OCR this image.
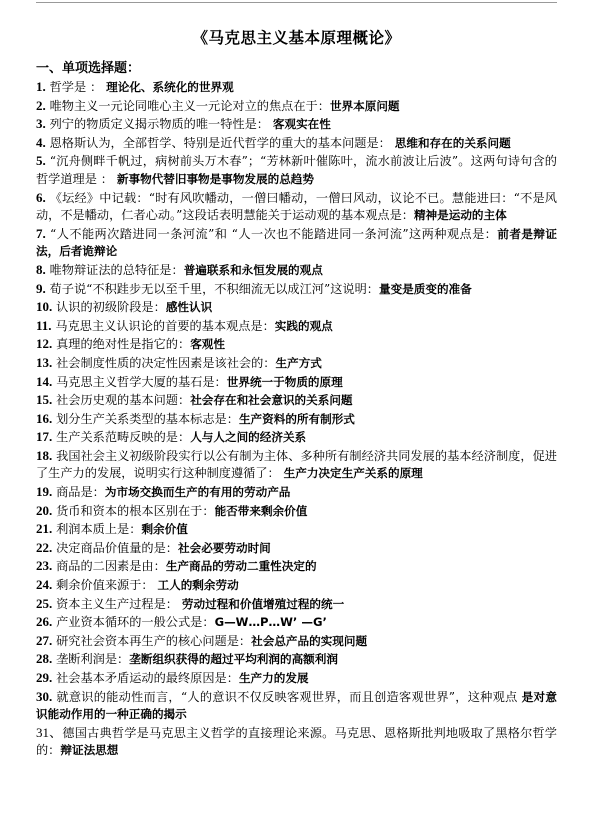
《马克思主义基本原理概论》
一、单项选择题：

1. 哲学是 ： 理论化、系统化的世界观

2. 唯物主义一元论同唯心主义一元论对立的焦点在于：世界本原问题

3. 列宁的物质定义揭示物质的唯一特性是： 客观实在性

4. 恩格斯认为，全部哲学、特别是近代哲学的重大的基本问题是： 思维和存在的关系问题

5. “沉舟侧畔千帆过，病树前头万木春”；“芳林新叶催陈叶，流水前波让后波”。这两句诗句含的哲学道理是 ： 新事物代替旧事物是事物发展的总趋势

6. 《坛经》中记载：“时有风吹幡动，一僧曰幡动，一僧曰风动，议论不已。慧能进曰：“不是风动，不是幡动，仁者心动。”这段话表明慧能关于运动观的基本观点是：精神是运动的主体

7. “人不能两次踏进同一条河流”和 “人一次也不能踏进同一条河流”这两种观点是：前者是辩证法，后者诡辩论

8. 唯物辩证法的总特征是：普遍联系和永恒发展的观点

9. 荀子说“不积跬步无以至千里，不积细流无以成江河”这说明：量变是质变的准备

10. 认识的初级阶段是：感性认识

11. 马克思主义认识论的首要的基本观点是：实践的观点

12. 真理的绝对性是指它的：客观性

13. 社会制度性质的决定性因素是该社会的：生产方式

14. 马克思主义哲学大厦的基石是：世界统一于物质的原理

15. 社会历史观的基本问题：社会存在和社会意识的关系问题

16. 划分生产关系类型的基本标志是：生产资料的所有制形式

17. 生产关系范畴反映的是：人与人之间的经济关系

18. 我国社会主义初级阶段实行以公有制为主体、多种所有制经济共同发展的基本经济制度，促进了生产力的发展，说明实行这种制度遵循了： 生产力决定生产关系的原理

19. 商品是：为市场交换而生产的有用的劳动产品

20. 货币和资本的根本区别在于：能否带来剩余价值

21. 利润本质上是：剩余价值

22. 决定商品价值量的是：社会必要劳动时间

23. 商品的二因素是由：生产商品的劳动二重性决定的

24. 剩余价值来源于： 工人的剩余劳动

25. 资本主义生产过程是： 劳动过程和价值增殖过程的统一

26. 产业资本循环的一般公式是：G—W…P…W’ —G’

27. 研究社会资本再生产的核心问题是：社会总产品的实现问题

28. 垄断利润是：垄断组织获得的超过平均利润的高额利润

29. 社会基本矛盾运动的最终原因是：生产力的发展

30. 就意识的能动性而言，“人的意识不仅反映客观世界，而且创造客观世界”，这种观点 是对意识能动作用的一种正确的揭示

31、德国古典哲学是马克思主义哲学的直接理论来源。马克思、恩格斯批判地吸取了黑格尔哲学的：辩证法思想
